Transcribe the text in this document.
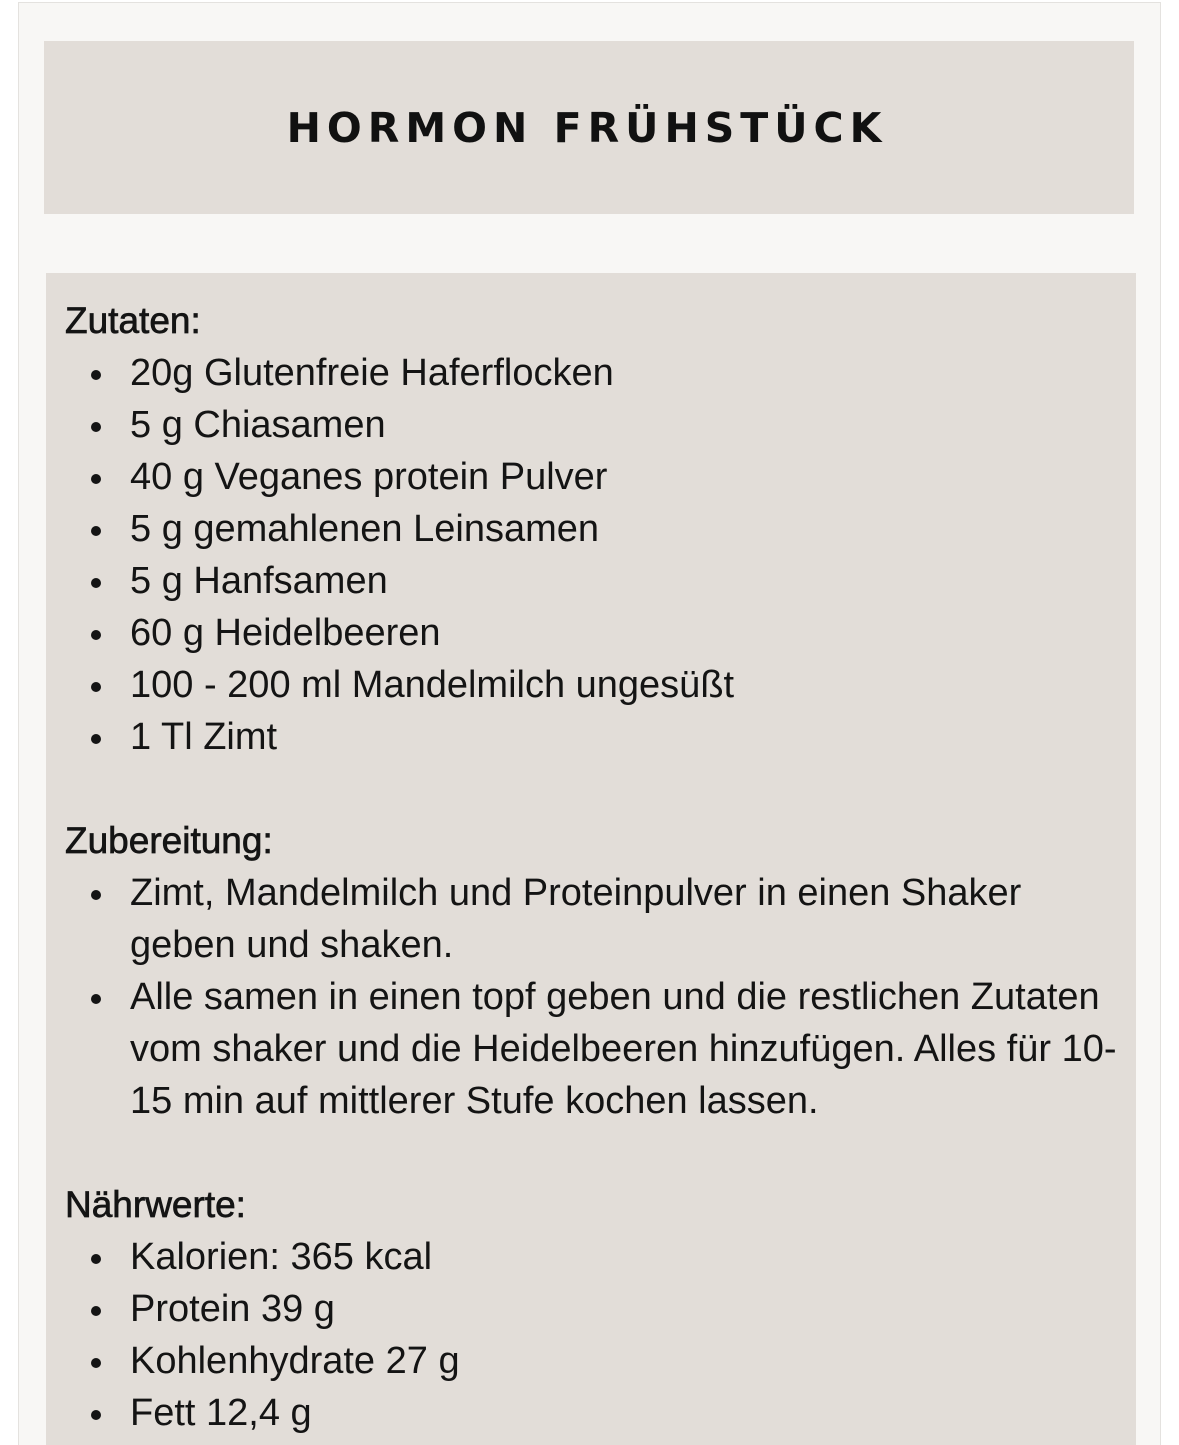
HORMON FRÜHSTÜCK
Zutaten:
20g Glutenfreie Haferflocken
5 g Chiasamen
40 g Veganes protein Pulver
5 g gemahlenen Leinsamen
5 g Hanfsamen
60 g Heidelbeeren
100 - 200 ml Mandelmilch ungesüßt
1 Tl Zimt
Zubereitung:
Zimt, Mandelmilch und Proteinpulver in einen Shaker geben und shaken.
Alle samen in einen topf geben und die restlichen Zutaten vom shaker und die Heidelbeeren hinzufügen. Alles für 10-15 min auf mittlerer Stufe kochen lassen.
Nährwerte:
Kalorien: 365 kcal
Protein 39 g
Kohlenhydrate 27 g
Fett 12,4 g
